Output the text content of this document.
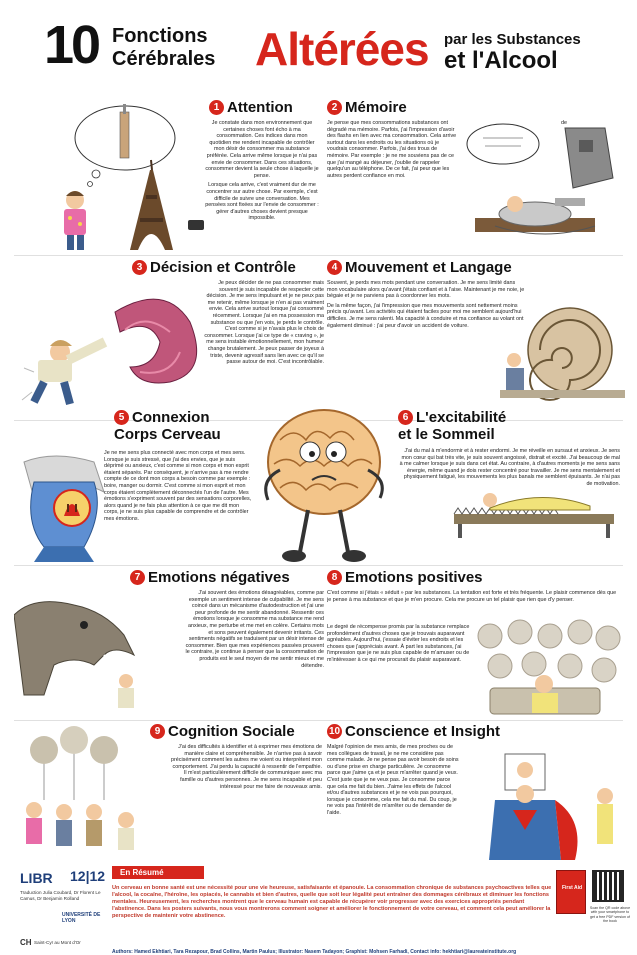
10 Fonctions
Cérébrales Altérées par les Substances
et l'Alcool
1 Attention

Je constate dans mon environnement que certaines choses font écho à ma consommation. Ces indices dans mon quotidien me rendent incapable de contrôler mon désir de consommer ma substance préférée. Cela arrive même lorsque je n'ai pas envie de consommer. Dans ces situations, consommer devient la seule chose à laquelle je pense.

Lorsque cela arrive, c'est vraiment dur de me concentrer sur autre chose. Par exemple, c'est difficile de suivre une conversation. Mes pensées sont fixées sur l'envie de consommer : gérer d'autres choses devient presque impossible.

2 Mémoire

Je pense que mes consommations substances ont dégradé ma mémoire. Parfois, j'ai l'impression d'avoir des flashs en lien avec ma consommation. Cela arrive surtout dans les endroits ou les situations où je voudrais consommer. Parfois, j'ai des trous de mémoire. Par exemple : je ne me souviens pas de ce que j'ai mangé au déjeuner, j'oublie de rappeler quelqu'un au téléphone. De ce fait, j'ai peur que les autres perdent confiance en moi.

de
3 Décision et Contrôle

Je peux décider de ne pas consommer mais souvent je suis incapable de respecter cette décision. Je me sens impulsant et je ne peux pas me retenir, même lorsque je n'en ai pas vraiment envie. Cela arrive surtout lorsque j'ai consommé récemment. Lorsque j'ai en ma possession ma substance ou que j'en vois, je perds le contrôle. C'est comme si je n'avais plus le choix de consommer. Lorsque j'ai ce type de « craving », je me sens instable émotionnellement, mon humeur change brutalement. Je peux passer de joyeux à triste, devenir agressif sans lien avec ce qu'il se passe autour de moi. C'est incontrôlable.

4 Mouvement et Langage

Souvent, je perds mes mots pendant une conversation. Je me sens limité dans mon vocabulaire alors qu'avant j'étais confiant et à l'aise. Maintenant je me noie, je bégaie et je ne parviens pas à coordonner les mots.

De la même façon, j'ai l'impression que mes mouvements sont nettement moins précis qu'avant. Les activités qui étaient faciles pour moi me semblent aujourd'hui difficiles. Je me sens ralenti. Ma capacité à conduire et ma confiance au volant ont également diminué : j'ai peur d'avoir un accident de voiture.

5 Connexion
Corps Cerveau

Je ne me sens plus connecté avec mon corps et mes sens. Lorsque je suis stressé, que j'ai des envies, que je suis déprimé ou anxieux, c'est comme si mon corps et mon esprit étaient séparés. Par conséquent, je n'arrive pas à me rendre compte de ce dont mon corps a besoin comme par exemple : boire, manger ou dormir. C'est comme si mon esprit et mon corps étaient complètement déconnectés l'un de l'autre. Mes émotions s'expriment souvent par des sensations corporelles, alors quand je ne fais plus attention à ce que me dit mon corps, je ne suis plus capable de comprendre et de contrôler mes émotions.

6 L'excitabilité
et le Sommeil

J'ai du mal à m'endormir et à rester endormi. Je me réveille en sursaut et anxieux. Je sens mon cœur qui bat très vite, je suis souvent angoissé, distrait et excité. J'ai beaucoup de mal à me calmer lorsque je suis dans cet état. Au contraire, à d'autres moments je me sens sans énergie, même quand je dois rester concentré pour travailler. Je me sens mentalement et physiquement fatigué, les mouvements les plus banals me semblent épuisants. Je n'ai pas de motivation.

7 Emotions négatives

J'ai souvent des émotions désagréables, comme par exemple un sentiment intense de culpabilité. Je me sens coincé dans un mécanisme d'autodestruction et j'ai une peur profonde de me sentir abandonné. Ressentir ces émotions lorsque je consomme ma substance me rend anxieux, me perturbe et me met en colère. Certains mots et sons peuvent également devenir irritants. Ces sentiments négatifs se traduisent par un désir intense de consommer. Bien que mes expériences passées prouvent le contraire, je continue à penser que la consommation de produits est le seul moyen de me sentir mieux et me détendre.

8 Emotions positives

C'est comme si j'étais « séduit » par les substances. La tentation est forte et très fréquente. Le plaisir commence dès que je pense à ma substance et que je m'en procure. Cela me procure un tel plaisir que rien que d'y penser.

Le degré de récompense promis par la substance remplace profondément d'autres choses que je trouvais auparavant agréables. Aujourd'hui, j'essaie d'éviter les endroits et les choses que j'appréciais avant. À part les substances, j'ai l'impression que je ne suis plus capable de m'amuser ou de m'intéresser à ce qui me procurait du plaisir auparavant.

9 Cognition Sociale

J'ai des difficultés à identifier et à exprimer mes émotions de manière claire et compréhensible. Je n'arrive pas à savoir précisément comment les autres me voient ou interprètent mon comportement. J'ai perdu la capacité à ressentir de l'empathie. Il m'est particulièrement difficile de communiquer avec ma famille ou d'autres personnes. Je me sens incapable et peu intéressé pour me faire de nouveaux amis.

10 Conscience et Insight

Malgré l'opinion de mes amis, de mes proches ou de mes collègues de travail, je ne me considère pas comme malade. Je ne pense pas avoir besoin de soins ou d'une prise en charge particulière. Je consomme parce que j'aime ça et je peux m'arrêter quand je veux. C'est juste que je ne veux pas. Je consomme parce que cela me fait du bien. J'aime les effets de l'alcool et/ou d'autres substances et je ne vois pas pourquoi, lorsque je consomme, cela me fait du mal. Du coup, je ne vois pas l'intérêt de m'arrêter ou de demander de l'aide.

LIBR 12|12
Traduction Julia Coubard, Dr Florent Le Camus, Dr Benjamin Rolland
UNIVERSITÉ DE LYON
CH Saint-Cyr au Mont d'Or
En Résumé
Un cerveau en bonne santé est une nécessité pour une vie heureuse, satisfaisante et épanouie. La consommation chronique de substances psychoactives telles que l'alcool, la cocaïne, l'héroïne, les opiacés, le cannabis et bien d'autres, quelle que soit leur légalité peut entraîner des dommages cérébraux et diminuer les fonctions mentales. Heureusement, les recherches montrent que le cerveau humain est capable de récupérer voir progresser avec des exercices appropriés pendant l'abstinence. Dans les posters suivants, nous vous montrerons comment soigner et améliorer le fonctionnement de votre cerveau, et comment cela peut améliorer la perspective de maintenir votre abstinence.
Authors: Hamed Ekhtiari, Tara Rezapour, Brad Collins, Martin Paulus; Illustrator: Nasem Tadayon; Graphist: Mohsen Farhadi, Contact info: hekhtiari@laureateinstitute.org
First Aid
Scan the QR code above with your smartphone to get a free PDF version of the book
